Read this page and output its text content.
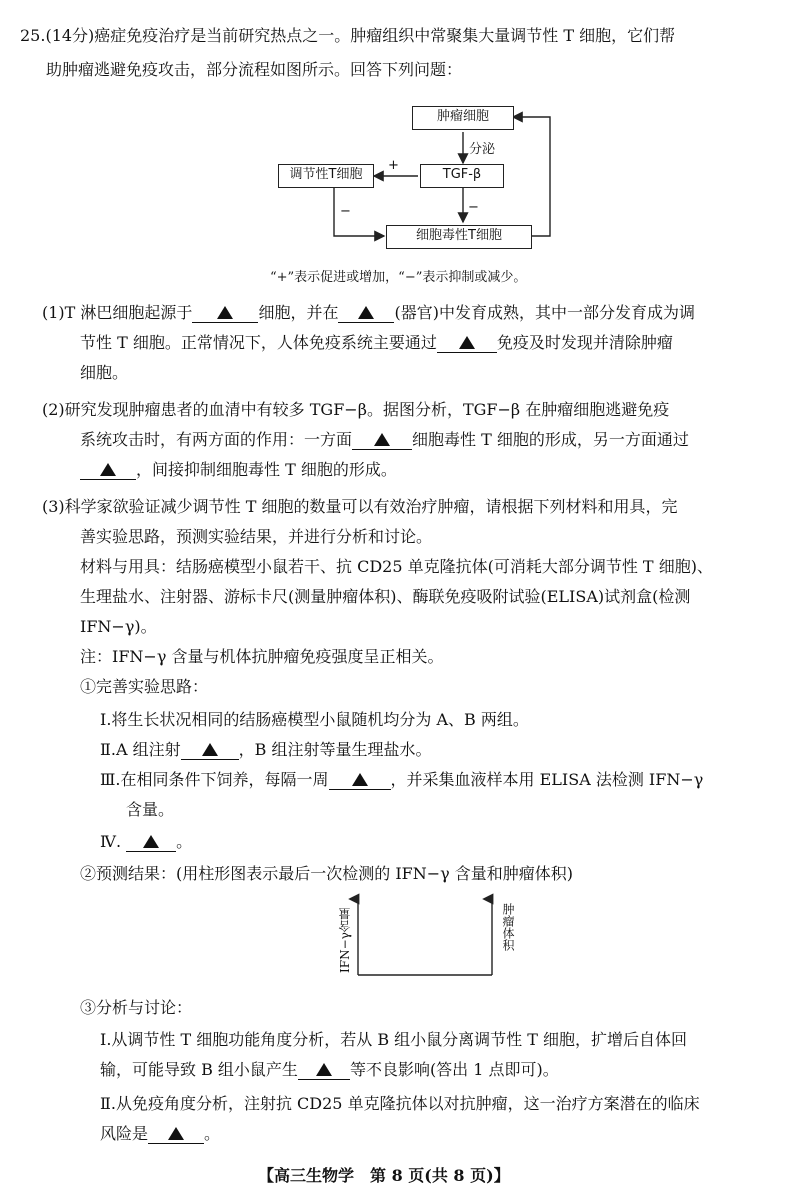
25.(14分)癌症免疫治疗是当前研究热点之一。肿瘤组织中常聚集大量调节性 T 细胞，它们帮
助肿瘤逃避免疫攻击，部分流程如图所示。回答下列问题：
肿瘤细胞
分泌
TGF-β
调节性T细胞
+
−
−
细胞毒性T细胞
“+”表示促进或增加，“−”表示抑制或减少。
(1)T 淋巴细胞起源于	细胞，并在	(器官)中发育成熟，其中一部分发育成为调
节性 T 细胞。正常情况下，人体免疫系统主要通过	免疫及时发现并清除肿瘤
细胞。
(2)研究发现肿瘤患者的血清中有较多 TGF−β。据图分析，TGF−β 在肿瘤细胞逃避免疫
系统攻击时，有两方面的作用：一方面	细胞毒性 T 细胞的形成，另一方面通过
，间接抑制细胞毒性 T 细胞的形成。
(3)科学家欲验证减少调节性 T 细胞的数量可以有效治疗肿瘤，请根据下列材料和用具，完
善实验思路，预测实验结果，并进行分析和讨论。
材料与用具：结肠癌模型小鼠若干、抗 CD25 单克隆抗体(可消耗大部分调节性 T 细胞)、
生理盐水、注射器、游标卡尺(测量肿瘤体积)、酶联免疫吸附试验(ELISA)试剂盒(检测
IFN−γ)。
注：IFN−γ 含量与机体抗肿瘤免疫强度呈正相关。
①完善实验思路：
Ⅰ.将生长状况相同的结肠癌模型小鼠随机均分为 A、B 两组。
Ⅱ.A 组注射	，B 组注射等量生理盐水。
Ⅲ.在相同条件下饲养，每隔一周	，并采集血液样本用 ELISA 法检测 IFN−γ
含量。
Ⅳ.	。
②预测结果：(用柱形图表示最后一次检测的 IFN−γ 含量和肿瘤体积)
IFN−γ含量	肿瘤体积
③分析与讨论：
Ⅰ.从调节性 T 细胞功能角度分析，若从 B 组小鼠分离调节性 T 细胞，扩增后自体回
输，可能导致 B 组小鼠产生	等不良影响(答出 1 点即可)。
Ⅱ.从免疫角度分析，注射抗 CD25 单克隆抗体以对抗肿瘤，这一治疗方案潜在的临床
风险是	。
【高三生物学　第 8 页(共 8 页)】
